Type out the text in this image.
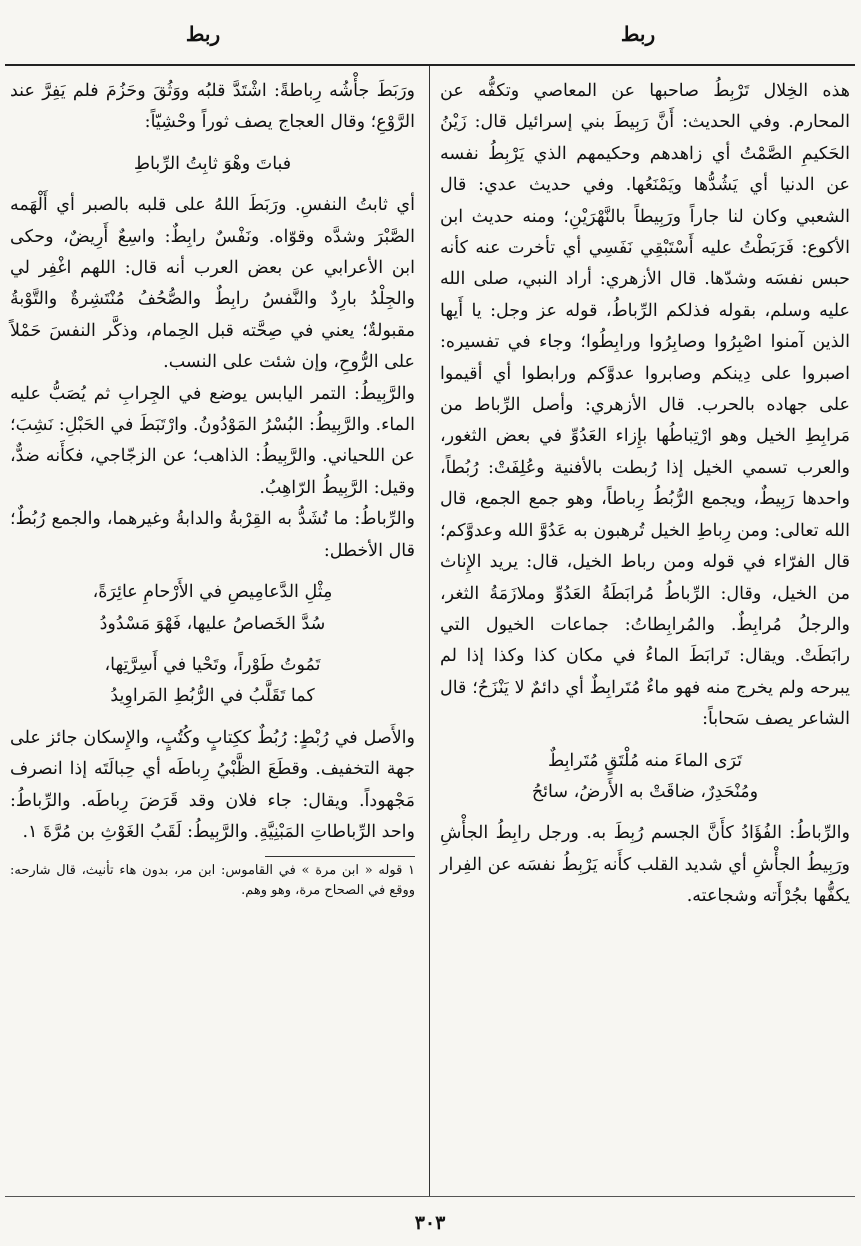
ربط
ربط

هذه الخِلال تَرْبِطُ صاحبها عن المعاصي وتكفُّه عن المحارم. وفي الحديث: أَنَّ رَبِيطَ بني إسرائيل قال: زَيْنُ الحَكيمِ الصَّمْتُ أي زاهدهم وحكيمهم الذي يَرْبِطُ نفسه عن الدنيا أي يَشُدُّها ويَمْنَعُها. وفي حديث عدي: قال الشعبي وكان لنا جاراً ورَبِيطاً بالنَّهْرَيْنِ؛ ومنه حديث ابن الأكوع: فَرَبَطْتُ عليه أَسْتَبْقِي نَفَسِي أي تأخرت عنه كأنه حبس نفسَه وشدّها. قال الأزهري: أراد النبي، صلى الله عليه وسلم، بقوله فذلكم الرِّباطُ، قوله عز وجل: يا أَيها الذين آمنوا اصْبِرُوا وصابِرُوا ورابِطُوا؛ وجاء في تفسيره: اصبروا على دِينكم وصابروا عدوَّكم ورابطوا أي أقيموا على جهاده بالحرب. قال الأزهري: وأصل الرِّباط من مَرابِطِ الخيل وهو ارْتِباطُها بإِزاء العَدُوِّ في بعض الثغور، والعرب تسمي الخيل إذا رُبطت بالأفنية وعُلِفَتْ: رُبُطاً، واحدها رَبِيطٌ، ويجمع الرُّبُطُ رِباطاً، وهو جمع الجمع، قال الله تعالى: ومن رِباطِ الخيل تُرهبون به عَدُوَّ الله وعدوَّكم؛ قال الفرّاء في قوله ومن رباط الخيل، قال: يريد الإِناث من الخيل، وقال: الرِّباطُ مُرابَطَةُ العَدُوِّ وملازَمَةُ الثغر، والرجلُ مُرابِطٌ. والمُرابِطاتُ: جماعات الخيول التي رابَطَتْ. ويقال: تَرابَطَ الماءُ في مكان كذا وكذا إذا لم يبرحه ولم يخرج منه فهو ماءٌ مُتَرابِطٌ أي دائمٌ لا يَنْزَحُ؛ قال الشاعر يصف سَحاباً:

تَرَى الماءَ منه مُلْتَقٍ مُتَرابِطٌ
ومُنْحَدِرٌ، ضاقَتْ به الأَرضُ، سائحُ

والرِّباطُ: الفُؤَادُ كأَنَّ الجسم رُبِطَ به. ورجل رابِطُ الجأْشِ ورَبِيطُ الجأْشِ أي شديد القلب كأَنه يَرْبِطُ نفسَه عن الفِرار يكفُّها بجُرْأَته وشجاعته.

ورَبَطَ جأْشُه رِباطةً: اشْتَدَّ قلبُه ووَثُقَ وحَزُمَ فلم يَفِرَّ عند الرَّوْعِ؛ وقال العجاج يصف ثوراً وحْشِيّاً:

فباتَ وهْوَ ثابِتُ الرِّباطِ

أي ثابتُ النفسِ. ورَبَطَ اللهُ على قلبه بالصبر أي أَلْهَمه الصَّبْرَ وشدَّه وقوّاه. ونَفْسٌ رابِطٌ: واسِعٌ أَرِيضٌ، وحكى ابن الأعرابي عن بعض العرب أنه قال: اللهم اغْفِر لي والجِلْدُ بارِدٌ والنَّفسُ رابِطٌ والصُّحُفُ مُنْتَشِرةٌ والتَّوْبةُ مقبولةٌ؛ يعني في صِحَّته قبل الحِمام، وذكَّر النفسَ حَمْلاً على الرُّوحِ، وإن شئت على النسب.

والرَّبِيطُ: التمر اليابس يوضع في الجِرابِ ثم يُصَبُّ عليه الماء. والرَّبِيطُ: البُسْرُ المَوْدُونُ. وارْتَبَطَ في الحَبْلِ: نَشِبَ؛ عن اللحياني. والرَّبِيطُ: الذاهب؛ عن الزجّاجي، فكأَنه ضدٌّ، وقيل: الرَّبِيطُ الرّاهِبُ.

والرِّباطُ: ما تُشَدُّ به القِرْبةُ والدابةُ وغيرهما، والجمع رُبُطٌ؛ قال الأخطل:

مِثْلِ الدَّعامِيصِ في الأَرْحامِ عائِرَةً،
سُدَّ الخَصاصُ عليها، فَهْوَ مَسْدُودُ

تَمُوتُ طَوْراً، وتَحْيا في أَسِرَّتِها،
كما تَقَلَّبُ في الرُّبُطِ المَراوِيدُ

والأَصل في رُبْطٍ: رُبُطٌ ككِتابٍ وكُتُبٍ، والإِسكان جائز على جهة التخفيف. وقطَعَ الظَّبْيُ رِباطَه أي حِبالَتَه إذا انصرف مَجْهوداً. ويقال: جاء فلان وقد قَرَضَ رِباطَه. والرِّباطُ: واحد الرِّباطاتِ المَبْنِيَّةِ. والرَّبِيطُ: لَقَبُ الغَوْثِ بن مُرَّةَ ١.

١ قوله « ابن مرة » في القاموس: ابن مر، بدون هاء تأنيث، قال شارحه: ووقع في الصحاح مرة، وهو وهم.

٣٠٣
